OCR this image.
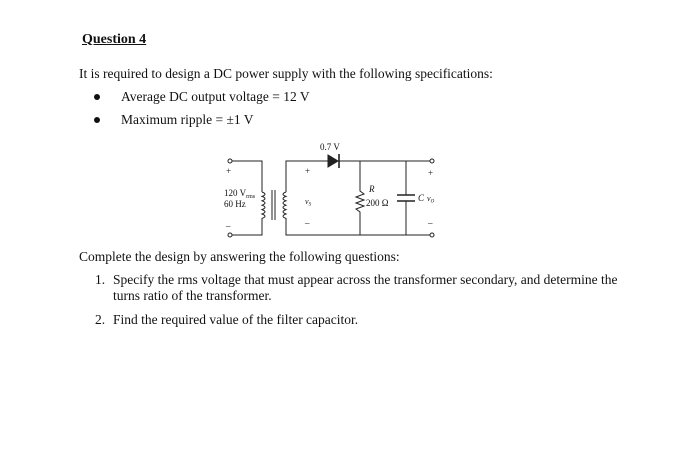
Question 4
It is required to design a DC power supply with the following specifications:
Average DC output voltage = 12 V
Maximum ripple = ±1 V
0.7 V
+
–
120 $V_{rms}$
60 Hz
+
vS
–
R
200 Ω	C
+
vO
–
Complete the design by answering the following questions:
1. Specify the rms voltage that must appear across the transformer secondary, and determine the turns ratio of the transformer.
2. Find the required value of the filter capacitor.
